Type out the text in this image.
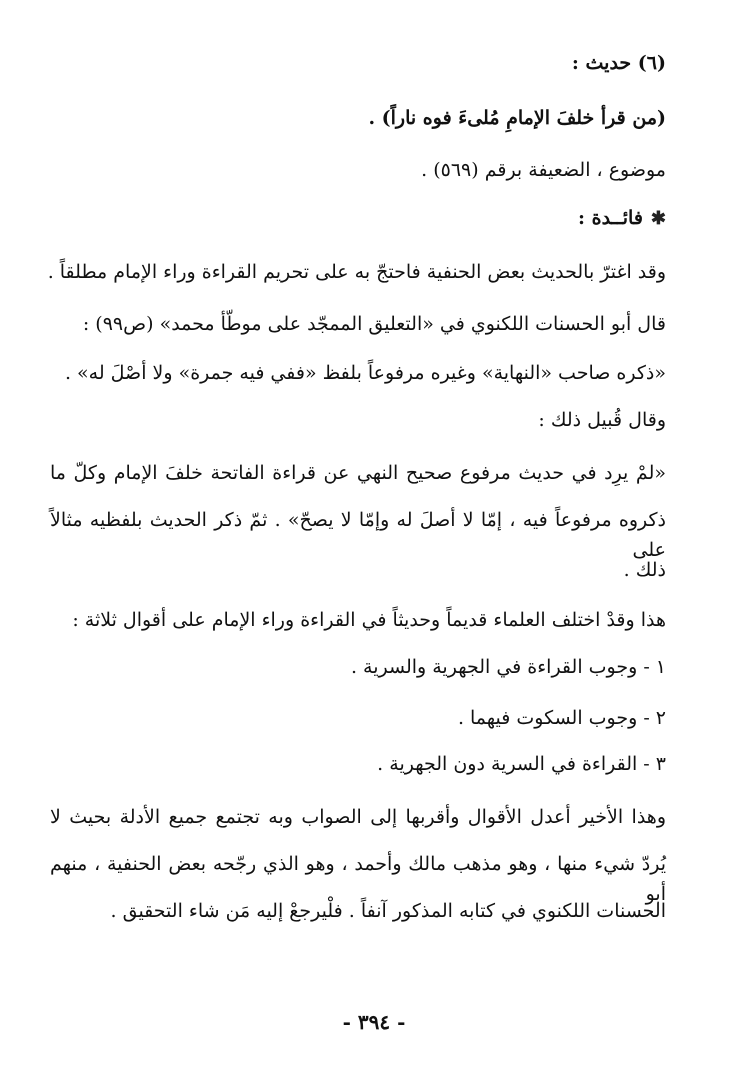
(٦) حديث :
(من قرأ خلفَ الإمامِ مُلىءَ فوه ناراً) .
موضوع ، الضعيفة برقم (٥٦٩) .
✱فائــدة :
وقد اغترّ بالحديث بعض الحنفية فاحتجّ به على تحريم القراءة وراء الإمام مطلقاً .
قال أبو الحسنات اللكنوي في «التعليق الممجّد على موطّأ محمد» (ص٩٩) :
«ذكره صاحب «النهاية» وغيره مرفوعاً بلفظ «ففي فيه جمرة» ولا أصْلَ له» .
وقال قُبيل ذلك :
«لمْ يرِد في حديث مرفوع صحيح النهي عن قراءة الفاتحة خلفَ الإمام وكلّ ما
ذكروه مرفوعاً فيه ، إمّا لا أصلَ له وإمّا لا يصحّ» . ثمّ ذكر الحديث بلفظيه مثالاً على
ذلك .
هذا وقدْ اختلف العلماء قديماً وحديثاً في القراءة وراء الإمام على أقوال ثلاثة :
١ - وجوب القراءة في الجهرية والسرية .
٢ - وجوب السكوت فيهما .
٣ - القراءة في السرية دون الجهرية .
وهذا الأخير أعدل الأقوال وأقربها إلى الصواب وبه تجتمع جميع الأدلة بحيث لا
يُردّ شيء منها ، وهو مذهب مالك وأحمد ، وهو الذي رجّحه بعض الحنفية ، منهم أبو
الحسنات اللكنوي في كتابه المذكور آنفاً . فلْيرجعْ إليه مَن شاء التحقيق .
- ٣٩٤ -
